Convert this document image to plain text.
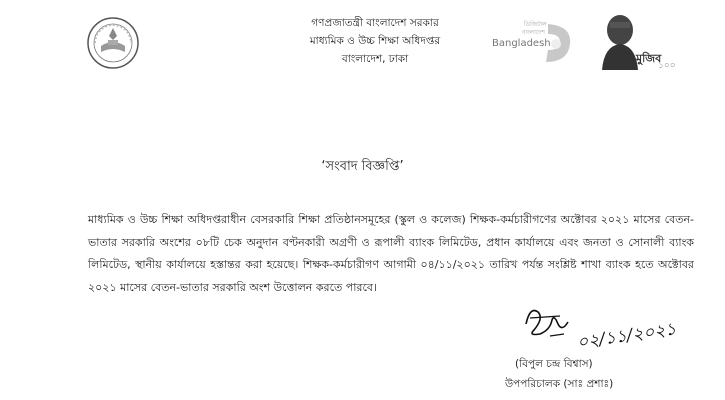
গণপ্রজাতন্ত্রী বাংলাদেশ সরকার
মাধ্যমিক ও উচ্চ শিক্ষা অধিদপ্তর
বাংলাদেশ, ঢাকা
ডিজিটাল
বাংলাদেশ
Bangladesh
মুজিব
১০০
‘সংবাদ বিজ্ঞপ্তি’

মাধ্যমিক ও উচ্চ শিক্ষা অধিদপ্তরাধীন বেসরকারি শিক্ষা প্রতিষ্ঠানসমূহের (স্কুল ও কলেজ) শিক্ষক-কর্মচারীগণের অক্টোবর ২০২১ মাসের বেতন-ভাতার সরকারি অংশের ০৮টি চেক অনুদান বণ্টনকারী অগ্রণী ও রূপালী ব্যাংক লিমিটেড, প্রধান কার্যালয়ে এবং জনতা ও সোনালী ব্যাংক লিমিটেড, স্থানীয় কার্যালয়ে হস্তান্তর করা হয়েছে। শিক্ষক-কর্মচারীগণ আগামী ০৪/১১/২০২১ তারিখ পর্যন্ত সংশ্লিষ্ট শাখা ব্যাংক হতে অক্টোবর ২০২১ মাসের বেতন-ভাতার সরকারি অংশ উত্তোলন করতে পারবে।

০২/১১/২০২১
(বিপুল চন্দ্র বিশ্বাস)
উপপরিচালক (সাঃ প্রশাঃ)
